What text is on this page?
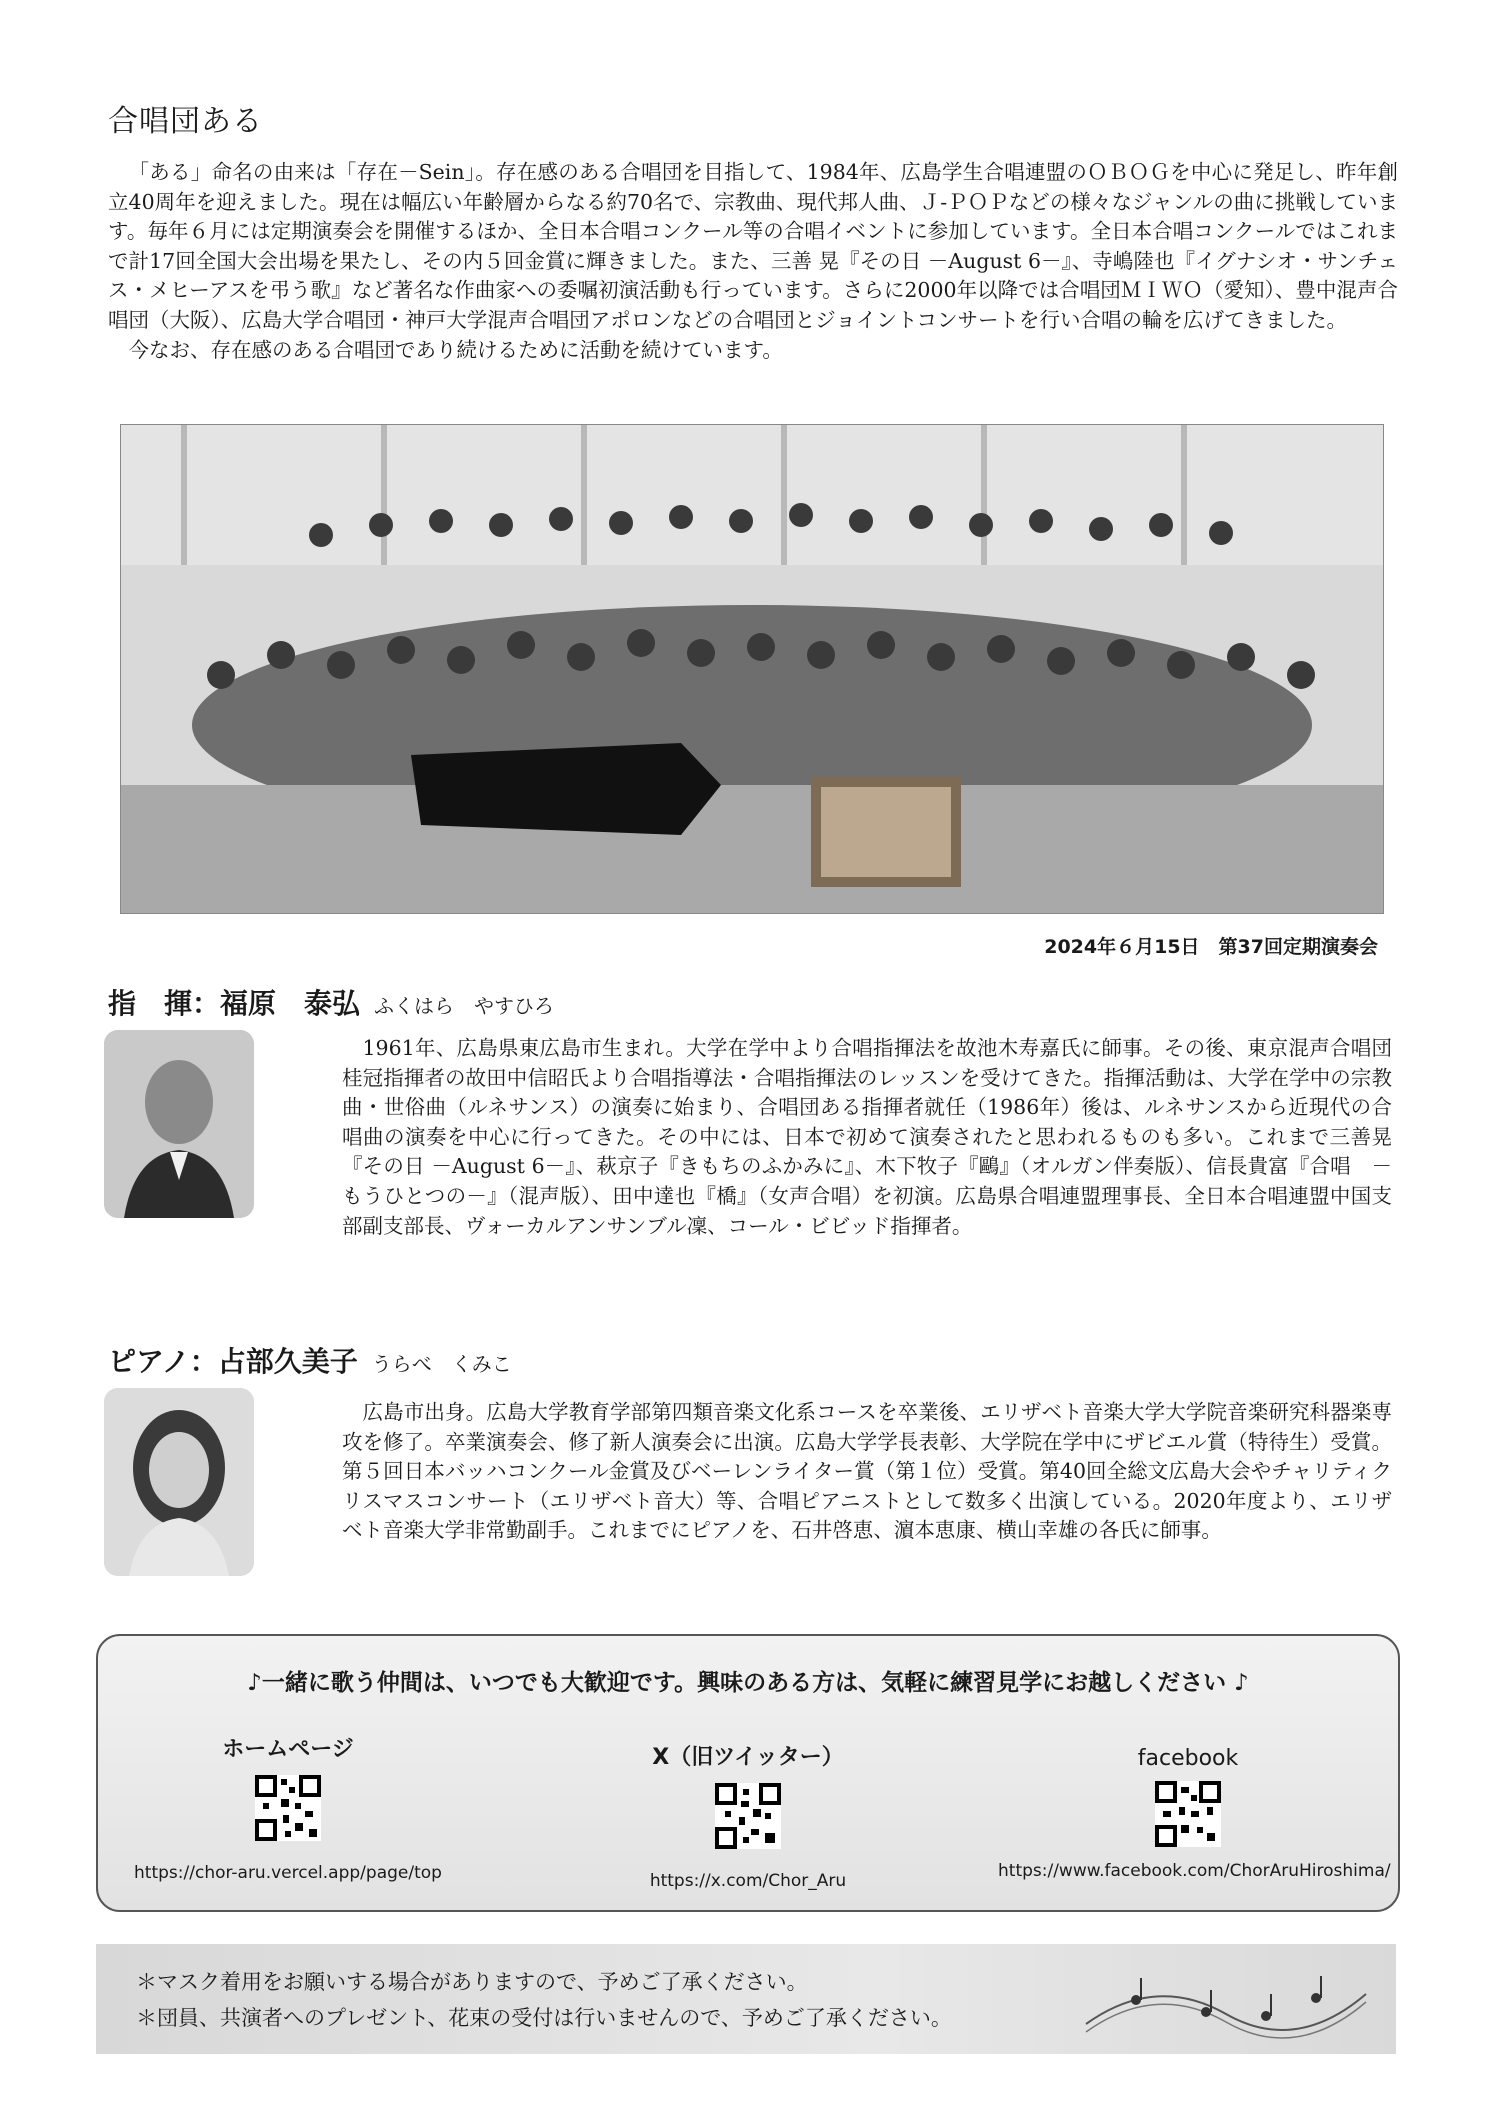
合唱団ある

「ある」命名の由来は「存在－Sein」。存在感のある合唱団を目指して、1984年、広島学生合唱連盟のＯＢＯＧを中心に発足し、昨年創立40周年を迎えました。現在は幅広い年齢層からなる約70名で、宗教曲、現代邦人曲、Ｊ-ＰＯＰなどの様々なジャンルの曲に挑戦しています。毎年６月には定期演奏会を開催するほか、全日本合唱コンクール等の合唱イベントに参加しています。全日本合唱コンクールではこれまで計17回全国大会出場を果たし、その内５回金賞に輝きました。また、三善 晃『その日 －August 6－』、寺嶋陸也『イグナシオ・サンチェス・メヒーアスを弔う歌』など著名な作曲家への委嘱初演活動も行っています。さらに2000年以降では合唱団ＭＩＷＯ（愛知）、豊中混声合唱団（大阪）、広島大学合唱団・神戸大学混声合唱団アポロンなどの合唱団とジョイントコンサートを行い合唱の輪を広げてきました。

今なお、存在感のある合唱団であり続けるために活動を続けています。

2024年６月15日　第37回定期演奏会
指　揮：福原　泰弘 ふくはら　やすひろ

1961年、広島県東広島市生まれ。大学在学中より合唱指揮法を故池木寿嘉氏に師事。その後、東京混声合唱団桂冠指揮者の故田中信昭氏より合唱指導法・合唱指揮法のレッスンを受けてきた。指揮活動は、大学在学中の宗教曲・世俗曲（ルネサンス）の演奏に始まり、合唱団ある指揮者就任（1986年）後は、ルネサンスから近現代の合唱曲の演奏を中心に行ってきた。その中には、日本で初めて演奏されたと思われるものも多い。これまで三善晃『その日 －August 6－』、萩京子『きもちのふかみに』、木下牧子『鷗』（オルガン伴奏版）、信長貴富『合唱　－もうひとつの－』（混声版）、田中達也『橋』（女声合唱）を初演。広島県合唱連盟理事長、全日本合唱連盟中国支部副支部長、ヴォーカルアンサンブル凜、コール・ビビッド指揮者。

ピアノ：占部久美子 うらべ　くみこ

広島市出身。広島大学教育学部第四類音楽文化系コースを卒業後、エリザベト音楽大学大学院音楽研究科器楽専攻を修了。卒業演奏会、修了新人演奏会に出演。広島大学学長表彰、大学院在学中にザビエル賞（特待生）受賞。第５回日本バッハコンクール金賞及びベーレンライター賞（第１位）受賞。第40回全総文広島大会やチャリティクリスマスコンサート（エリザベト音大）等、合唱ピアニストとして数多く出演している。2020年度より、エリザベト音楽大学非常勤副手。これまでにピアノを、石井啓恵、濵本恵康、横山幸雄の各氏に師事。

♪一緒に歌う仲間は、いつでも大歓迎です。興味のある方は、気軽に練習見学にお越しください ♪
ホームページ
https://chor-aru.vercel.app/page/top
X（旧ツイッター）
https://x.com/Chor_Aru
facebook
https://www.facebook.com/ChorAruHiroshima/
＊マスク着用をお願いする場合がありますので、予めご了承ください。
＊団員、共演者へのプレゼント、花束の受付は行いませんので、予めご了承ください。
